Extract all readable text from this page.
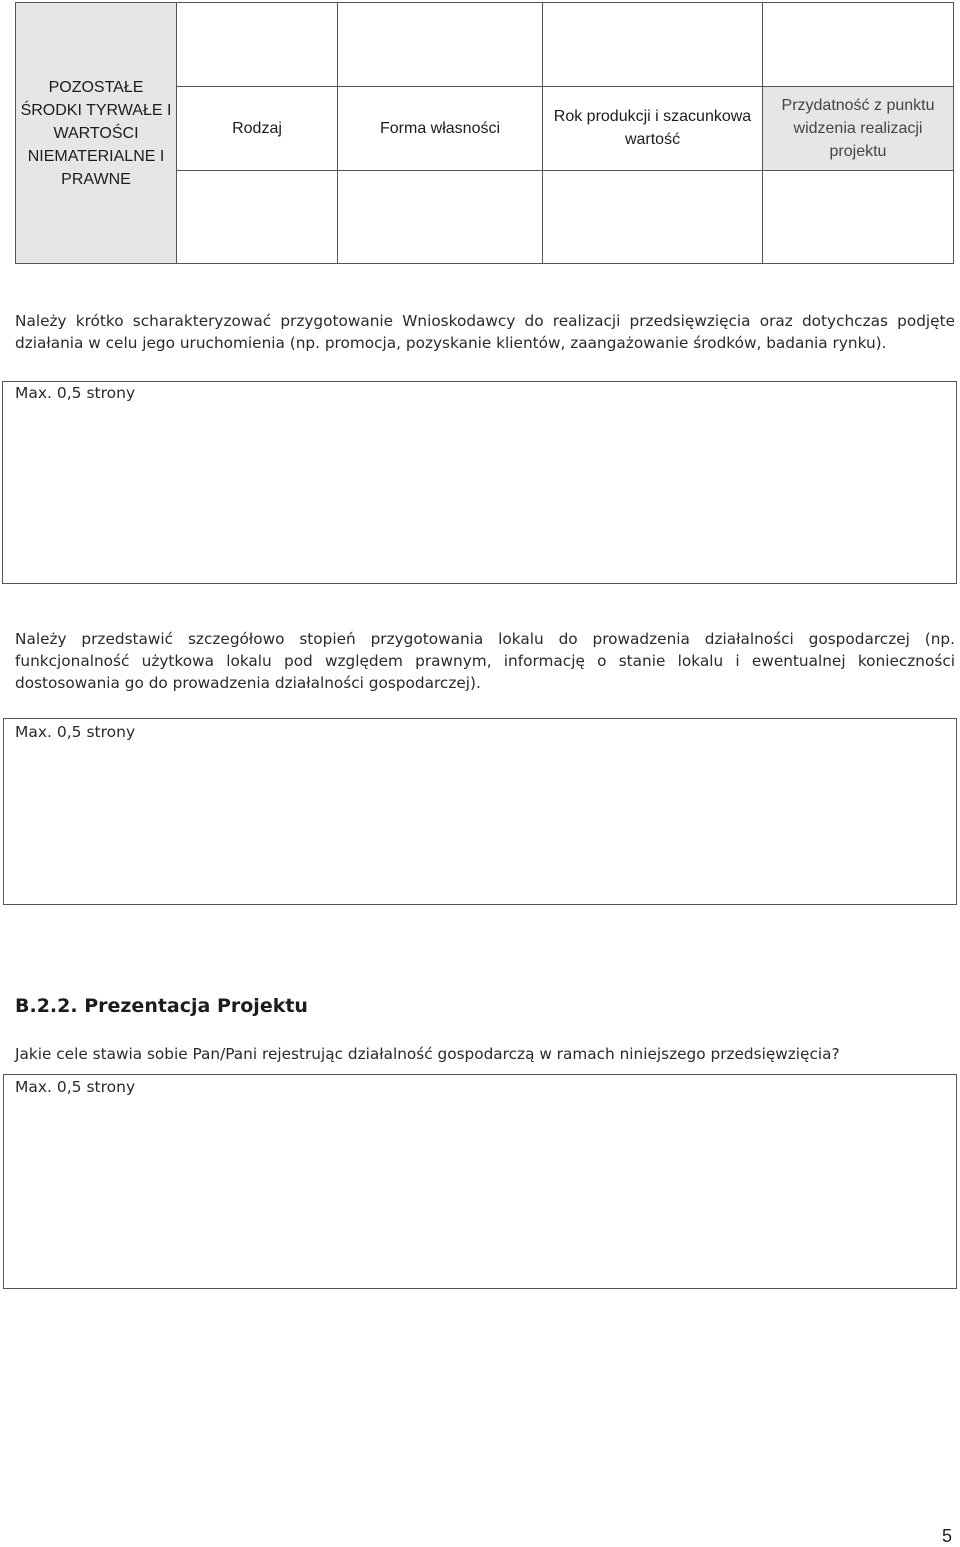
POZOSTAŁE ŚRODKI TYRWAŁE I WARTOŚCI NIEMATERIALNE I PRAWNE				
	Rodzaj	Forma własności	Rok produkcji i szacunkowa wartość	Przydatność z punktu widzenia realizacji projektu

Należy krótko scharakteryzować przygotowanie Wnioskodawcy do realizacji przedsięwzięcia oraz dotychczas podjęte działania w celu jego uruchomienia (np. promocja, pozyskanie klientów, zaangażowanie środków, badania rynku).

Max. 0,5 strony

Należy przedstawić szczegółowo stopień przygotowania lokalu do prowadzenia działalności gospodarczej (np. funkcjonalność użytkowa lokalu pod względem prawnym, informację o stanie lokalu i ewentualnej konieczności dostosowania go do prowadzenia działalności gospodarczej).

Max. 0,5 strony

B.2.2. Prezentacja Projektu

Jakie cele stawia sobie Pan/Pani rejestrując działalność gospodarczą w ramach niniejszego przedsięwzięcia?

Max. 0,5 strony

5
